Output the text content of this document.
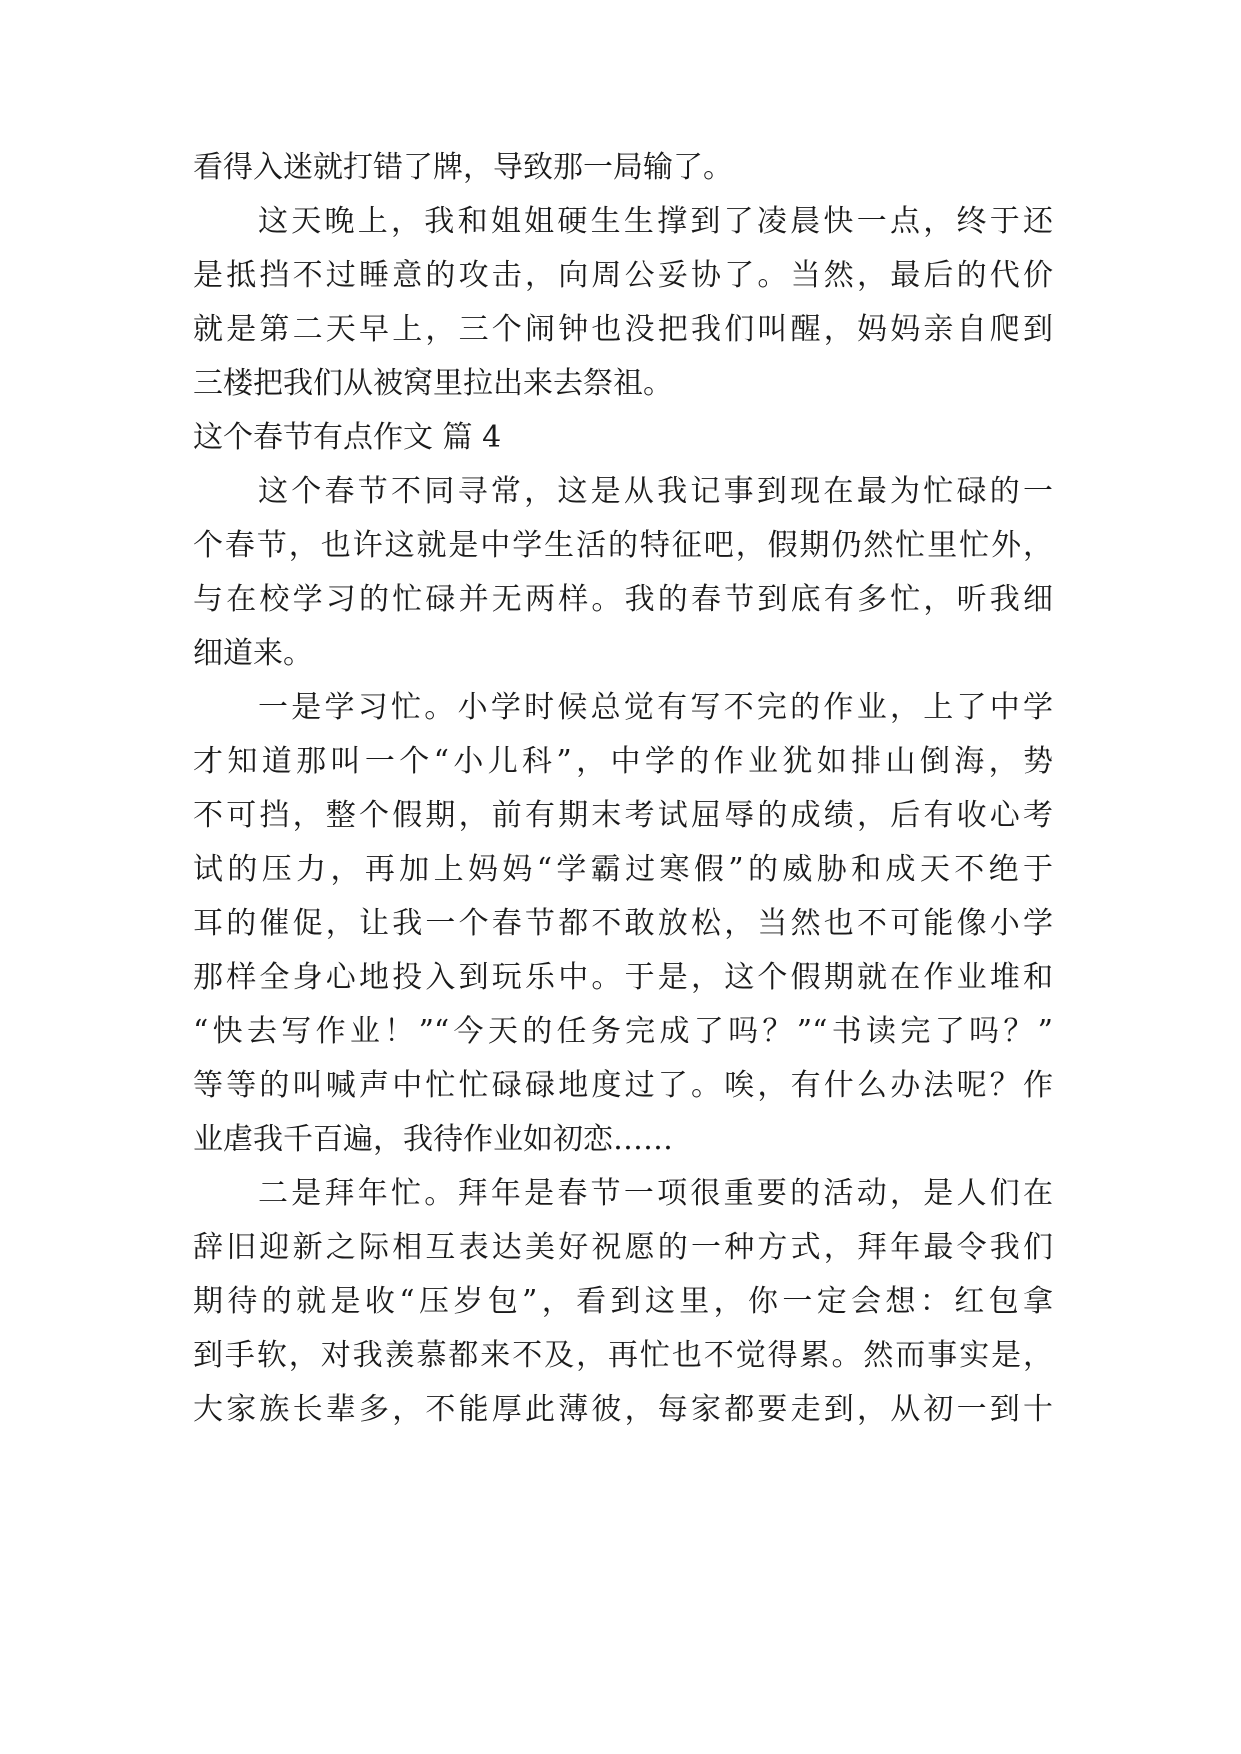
看得入迷就打错了牌，导致那一局输了。
这天晚上，我和姐姐硬生生撑到了凌晨快一点，终于还
是抵挡不过睡意的攻击，向周公妥协了。当然，最后的代价
就是第二天早上，三个闹钟也没把我们叫醒，妈妈亲自爬到
三楼把我们从被窝里拉出来去祭祖。
这个春节有点作文 篇 4
这个春节不同寻常，这是从我记事到现在最为忙碌的一
个春节，也许这就是中学生活的特征吧，假期仍然忙里忙外，
与在校学习的忙碌并无两样。我的春节到底有多忙，听我细
细道来。
一是学习忙。小学时候总觉有写不完的作业，上了中学
才知道那叫一个“小儿科”，中学的作业犹如排山倒海，势
不可挡，整个假期，前有期末考试屈辱的成绩，后有收心考
试的压力，再加上妈妈“学霸过寒假”的威胁和成天不绝于
耳的催促，让我一个春节都不敢放松，当然也不可能像小学
那样全身心地投入到玩乐中。于是，这个假期就在作业堆和
“快去写作业！”“今天的任务完成了吗？”“书读完了吗？”
等等的叫喊声中忙忙碌碌地度过了。唉，有什么办法呢？作
业虐我千百遍，我待作业如初恋……
二是拜年忙。拜年是春节一项很重要的活动，是人们在
辞旧迎新之际相互表达美好祝愿的一种方式，拜年最令我们
期待的就是收“压岁包”，看到这里，你一定会想：红包拿
到手软，对我羡慕都来不及，再忙也不觉得累。然而事实是，
大家族长辈多，不能厚此薄彼，每家都要走到，从初一到十
